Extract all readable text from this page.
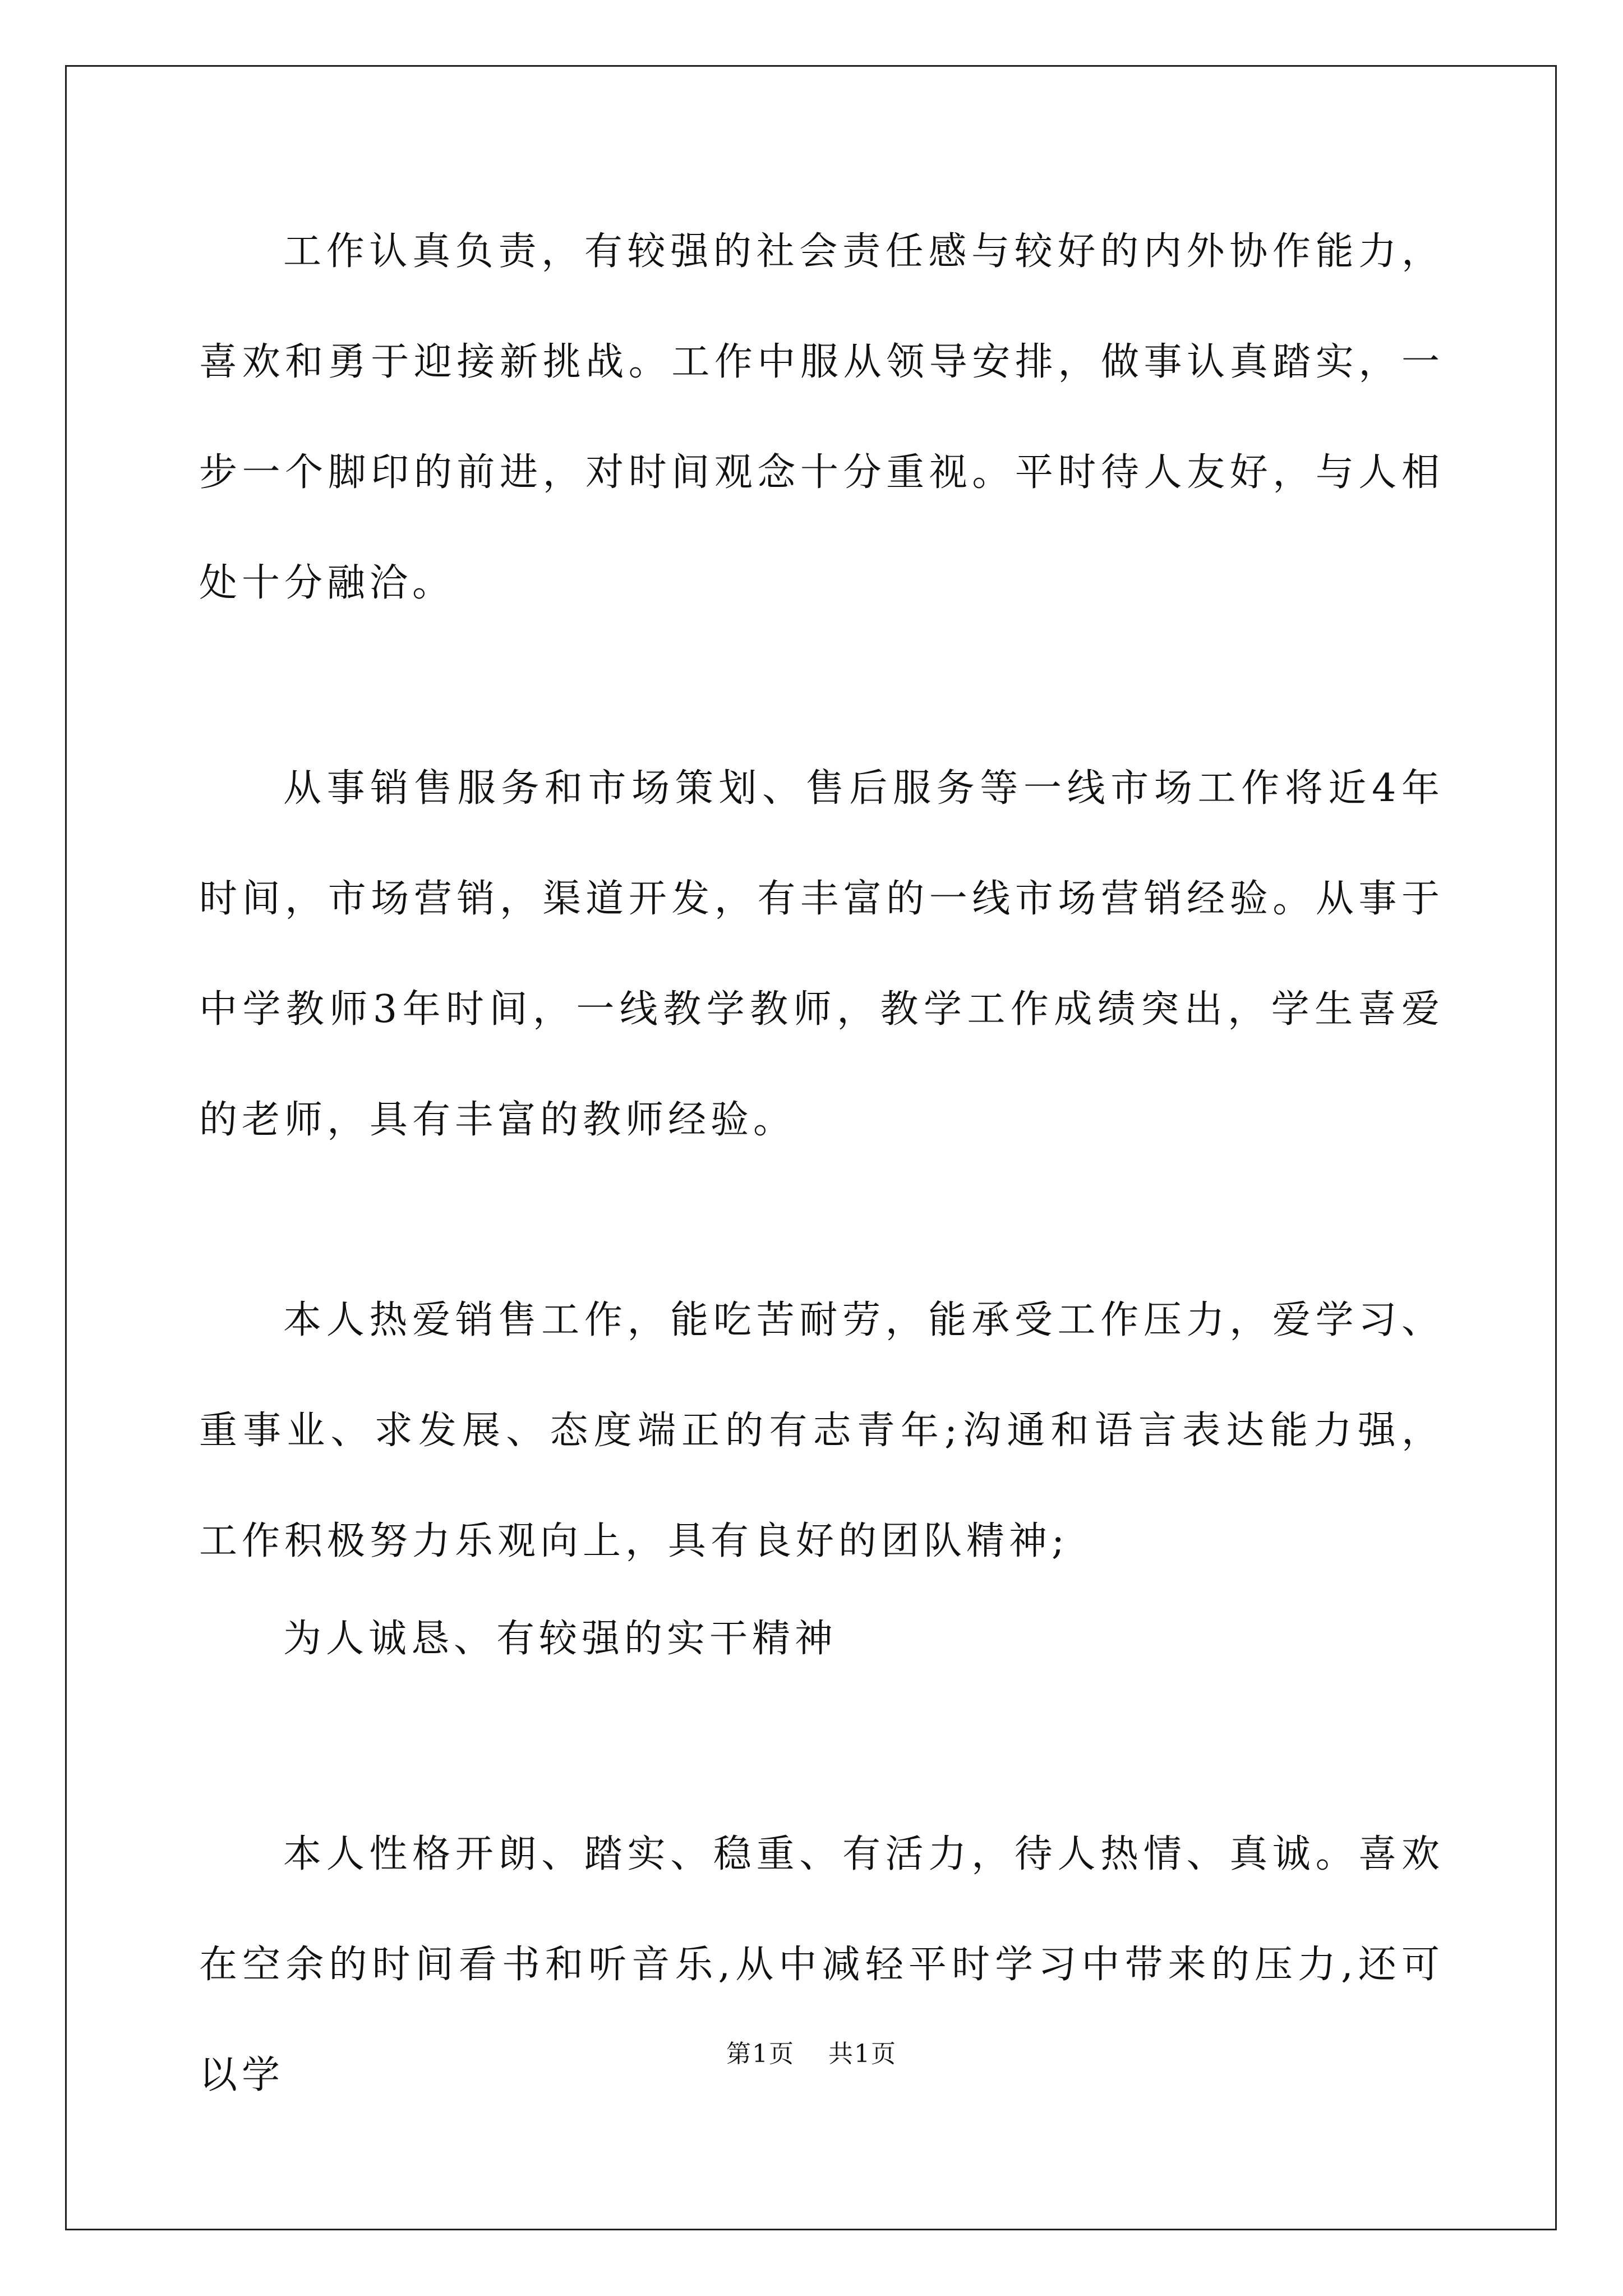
工作认真负责，有较强的社会责任感与较好的内外协作能力，喜欢和勇于迎接新挑战。工作中服从领导安排，做事认真踏实，一步一个脚印的前进，对时间观念十分重视。平时待人友好，与人相处十分融洽。

从事销售服务和市场策划、售后服务等一线市场工作将近4年时间，市场营销，渠道开发，有丰富的一线市场营销经验。从事于中学教师3年时间，一线教学教师，教学工作成绩突出，学生喜爱的老师，具有丰富的教师经验。

本人热爱销售工作，能吃苦耐劳，能承受工作压力，爱学习、重事业、求发展、态度端正的有志青年;沟通和语言表达能力强，工作积极努力乐观向上，具有良好的团队精神;

为人诚恳、有较强的实干精神

本人性格开朗、踏实、稳重、有活力，待人热情、真诚。喜欢在空余的时间看书和听音乐,从中减轻平时学习中带来的压力,还可以学	第1页 共1页
